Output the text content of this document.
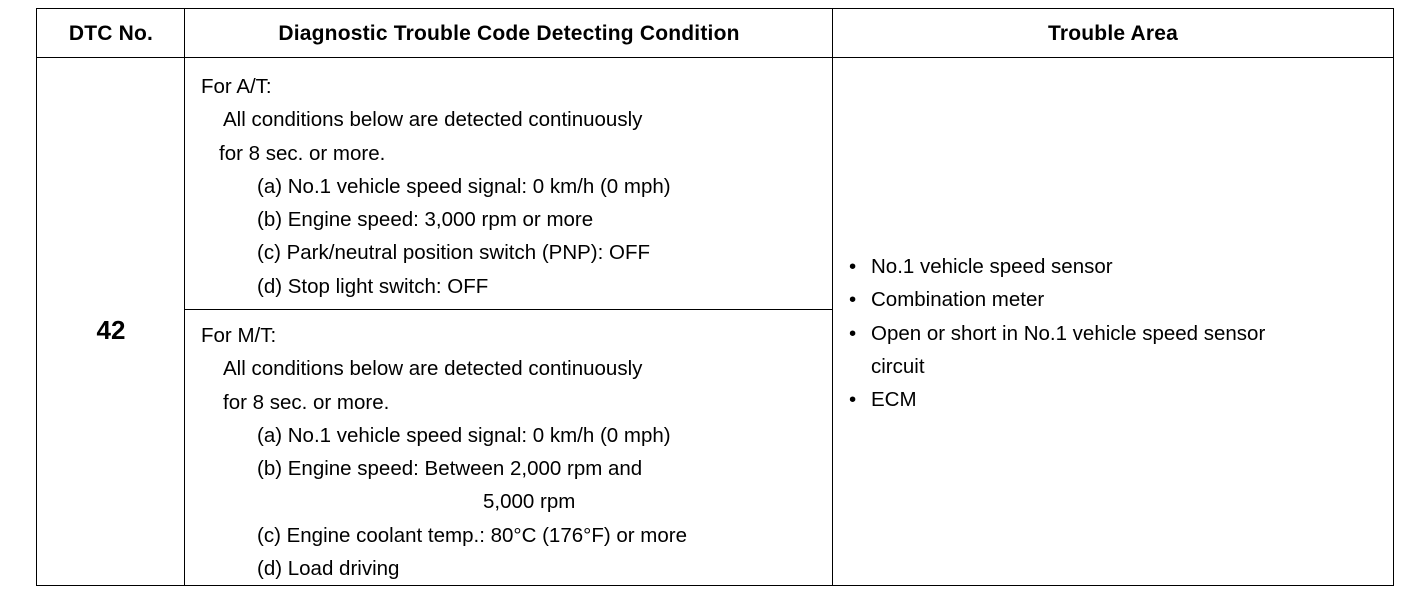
DTC No.	Diagnostic Trouble Code Detecting Condition	Trouble Area
42
For A/T:
All conditions below are detected continuously
for 8 sec. or more.
(a) No.1 vehicle speed signal: 0 km/h (0 mph)
(b) Engine speed: 3,000 rpm or more
(c) Park/neutral position switch (PNP): OFF
(d) Stop light switch: OFF
For M/T:
All conditions below are detected continuously
for 8 sec. or more.
(a) No.1 vehicle speed signal: 0 km/h (0 mph)
(b) Engine speed: Between 2,000 rpm and
5,000 rpm
(c) Engine coolant temp.: 80°C (176°F) or more
(d) Load driving
• No.1 vehicle speed sensor
• Combination meter
• Open or short in No.1 vehicle speed sensor
circuit
• ECM
